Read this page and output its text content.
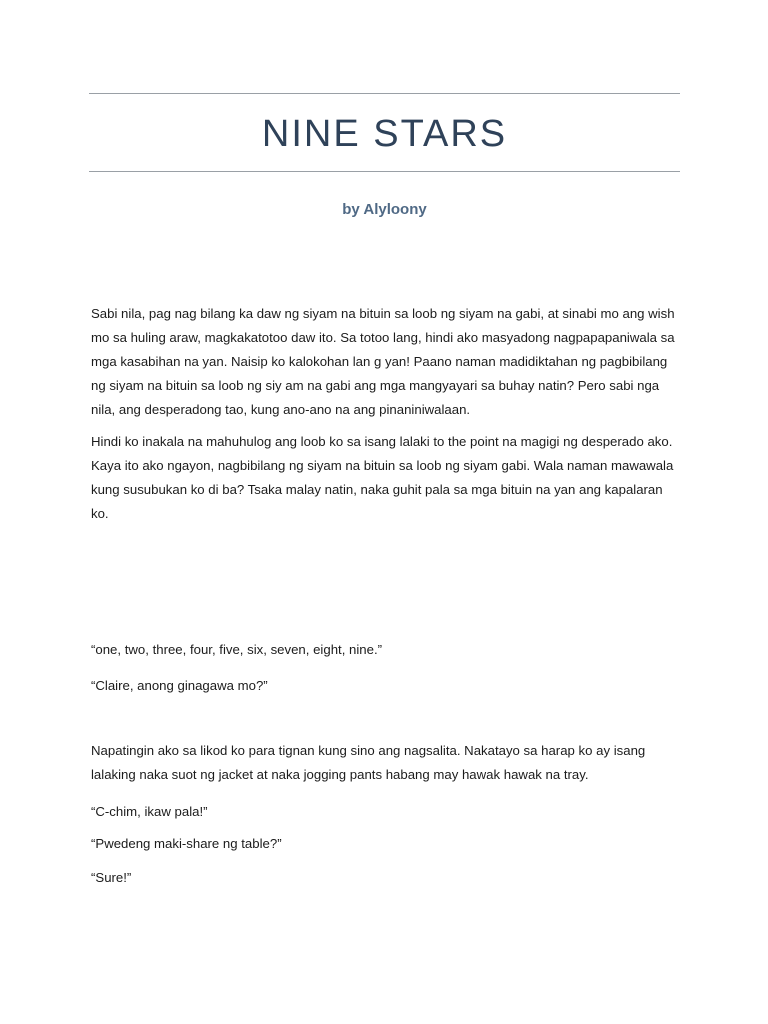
NINE STARS
by Alyloony

Sabi nila, pag nag bilang ka daw ng siyam na bituin sa loob ng siyam na gabi, at sinabi mo ang wish mo sa huling araw, magkakatotoo daw ito. Sa totoo lang, hindi ako masyadong nagpapapaniwala sa mga kasabihan na yan. Naisip ko kalokohan lan g yan! Paano naman madidiktahan ng pagbibilang ng siyam na bituin sa loob ng siy am na gabi ang mga mangyayari sa buhay natin? Pero sabi nga nila, ang desperadong tao, kung ano-ano na ang pinaniniwalaan.

Hindi ko inakala na mahuhulog ang loob ko sa isang lalaki to the point na magigi ng desperado ako. Kaya ito ako ngayon, nagbibilang ng siyam na bituin sa loob ng siyam gabi. Wala naman mawawala kung susubukan ko di ba? Tsaka malay natin, naka guhit pala sa mga bituin na yan ang kapalaran ko.

“one, two, three, four, five, six, seven, eight, nine.”

“Claire, anong ginagawa mo?”

Napatingin ako sa likod ko para tignan kung sino ang nagsalita. Nakatayo sa harap ko ay isang lalaking naka suot ng jacket at naka jogging pants habang may hawak hawak na tray.

“C-chim, ikaw pala!”

“Pwedeng maki-share ng table?”

“Sure!”
